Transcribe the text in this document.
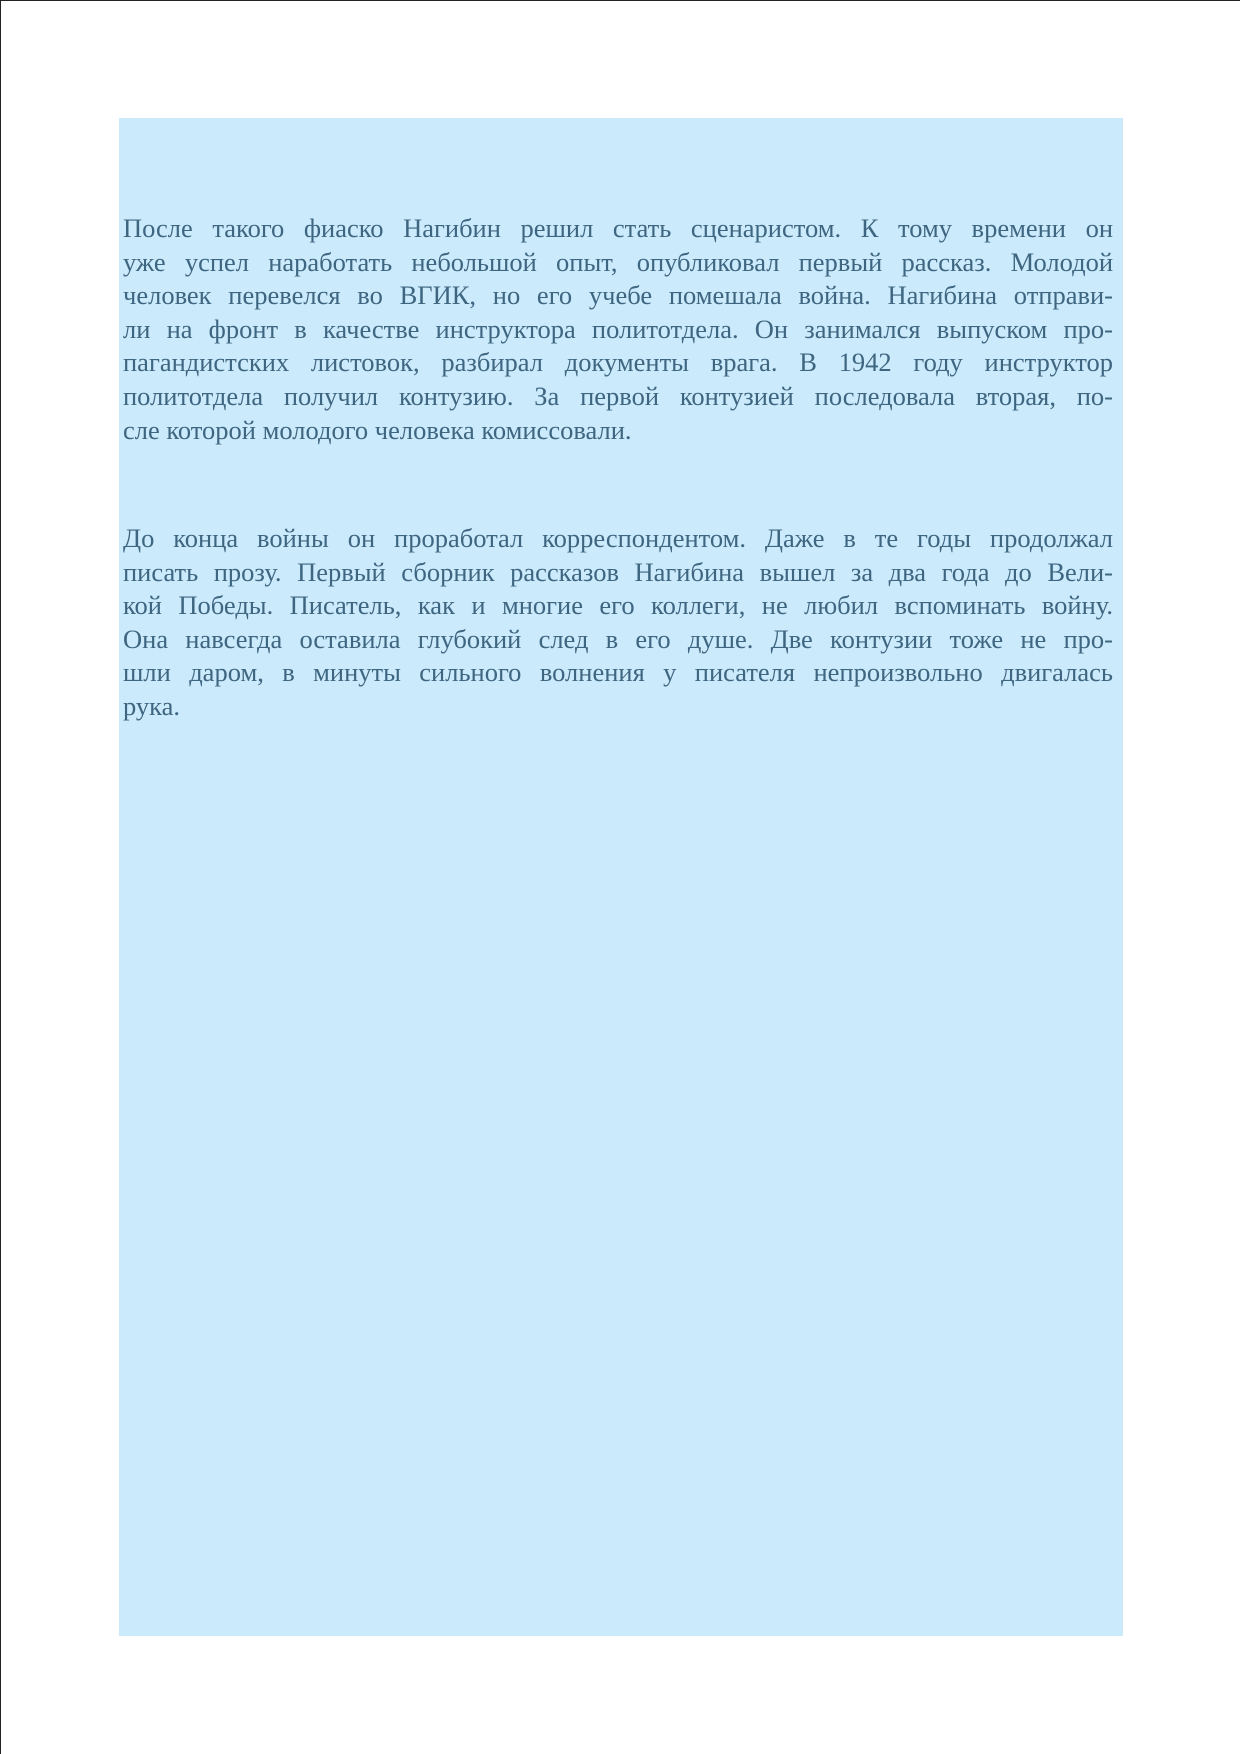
После такого фиаско Нагибин решил стать сценаристом. К тому времени он
уже успел наработать небольшой опыт, опубликовал первый рассказ. Молодой
человек перевелся во ВГИК, но его учебе помешала война. Нагибина отправи-
ли на фронт в качестве инструктора политотдела. Он занимался выпуском про-
пагандистских листовок, разбирал документы врага. В 1942 году инструктор
политотдела получил контузию. За первой контузией последовала вторая, по-
сле которой молодого человека комиссовали.
До конца войны он проработал корреспондентом. Даже в те годы продолжал
писать прозу. Первый сборник рассказов Нагибина вышел за два года до Вели-
кой Победы. Писатель, как и многие его коллеги, не любил вспоминать войну.
Она навсегда оставила глубокий след в его душе. Две контузии тоже не про-
шли даром, в минуты сильного волнения у писателя непроизвольно двигалась
рука.
